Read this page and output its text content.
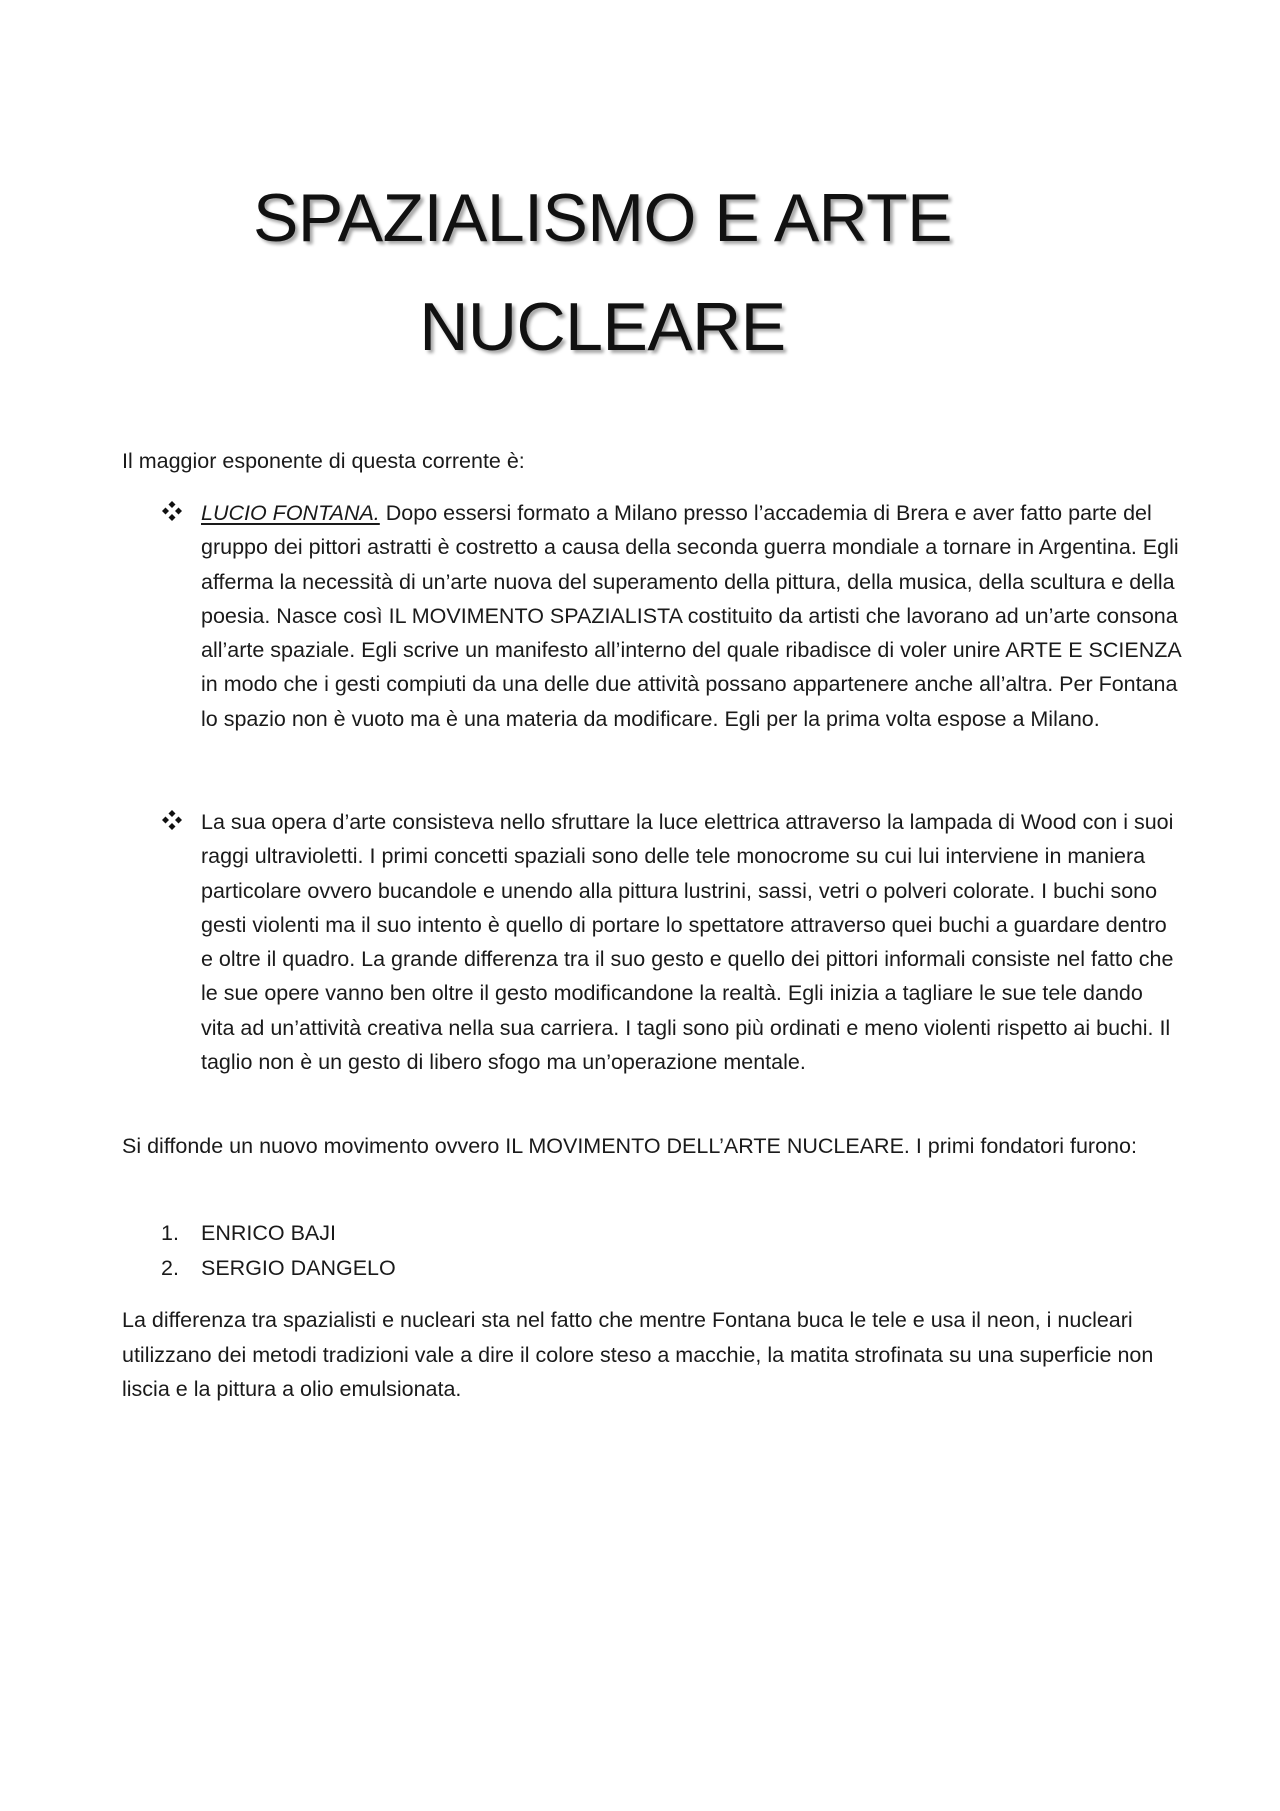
SPAZIALISMO E ARTE
NUCLEARE

Il maggior esponente di questa corrente è:

LUCIO FONTANA. Dopo essersi formato a Milano presso l’accademia di Brera e aver fatto parte del gruppo dei pittori astratti è costretto a causa della seconda guerra mondiale a tornare in Argentina. Egli afferma la necessità di un’arte nuova del superamento della pittura, della musica, della scultura e della poesia. Nasce così IL MOVIMENTO SPAZIALISTA costituito da artisti che lavorano ad un’arte consona all’arte spaziale. Egli scrive un manifesto all’interno del quale ribadisce di voler unire ARTE E SCIENZA in modo che i gesti compiuti da una delle due attività possano appartenere anche all’altra. Per Fontana lo spazio non è vuoto ma è una materia da modificare. Egli per la prima volta espose a Milano.

La sua opera d’arte consisteva nello sfruttare la luce elettrica attraverso la lampada di Wood con i suoi raggi ultravioletti. I primi concetti spaziali sono delle tele monocrome su cui lui interviene in maniera particolare ovvero bucandole e unendo alla pittura lustrini, sassi, vetri o polveri colorate. I buchi sono gesti violenti ma il suo intento è quello di portare lo spettatore attraverso quei buchi a guardare dentro e oltre il quadro. La grande differenza tra il suo gesto e quello dei pittori informali consiste nel fatto che le sue opere vanno ben oltre il gesto modificandone la realtà. Egli inizia a tagliare le sue tele dando vita ad un’attività creativa nella sua carriera. I tagli sono più ordinati e meno violenti rispetto ai buchi. Il taglio non è un gesto di libero sfogo ma un’operazione mentale.

Si diffonde un nuovo movimento ovvero IL MOVIMENTO DELL’ARTE NUCLEARE. I primi fondatori furono:

1. ENRICO BAJI
2. SERGIO DANGELO

La differenza tra spazialisti e nucleari sta nel fatto che mentre Fontana buca le tele e usa il neon, i nucleari utilizzano dei metodi tradizioni vale a dire il colore steso a macchie, la matita strofinata su una superficie non liscia e la pittura a olio emulsionata.
